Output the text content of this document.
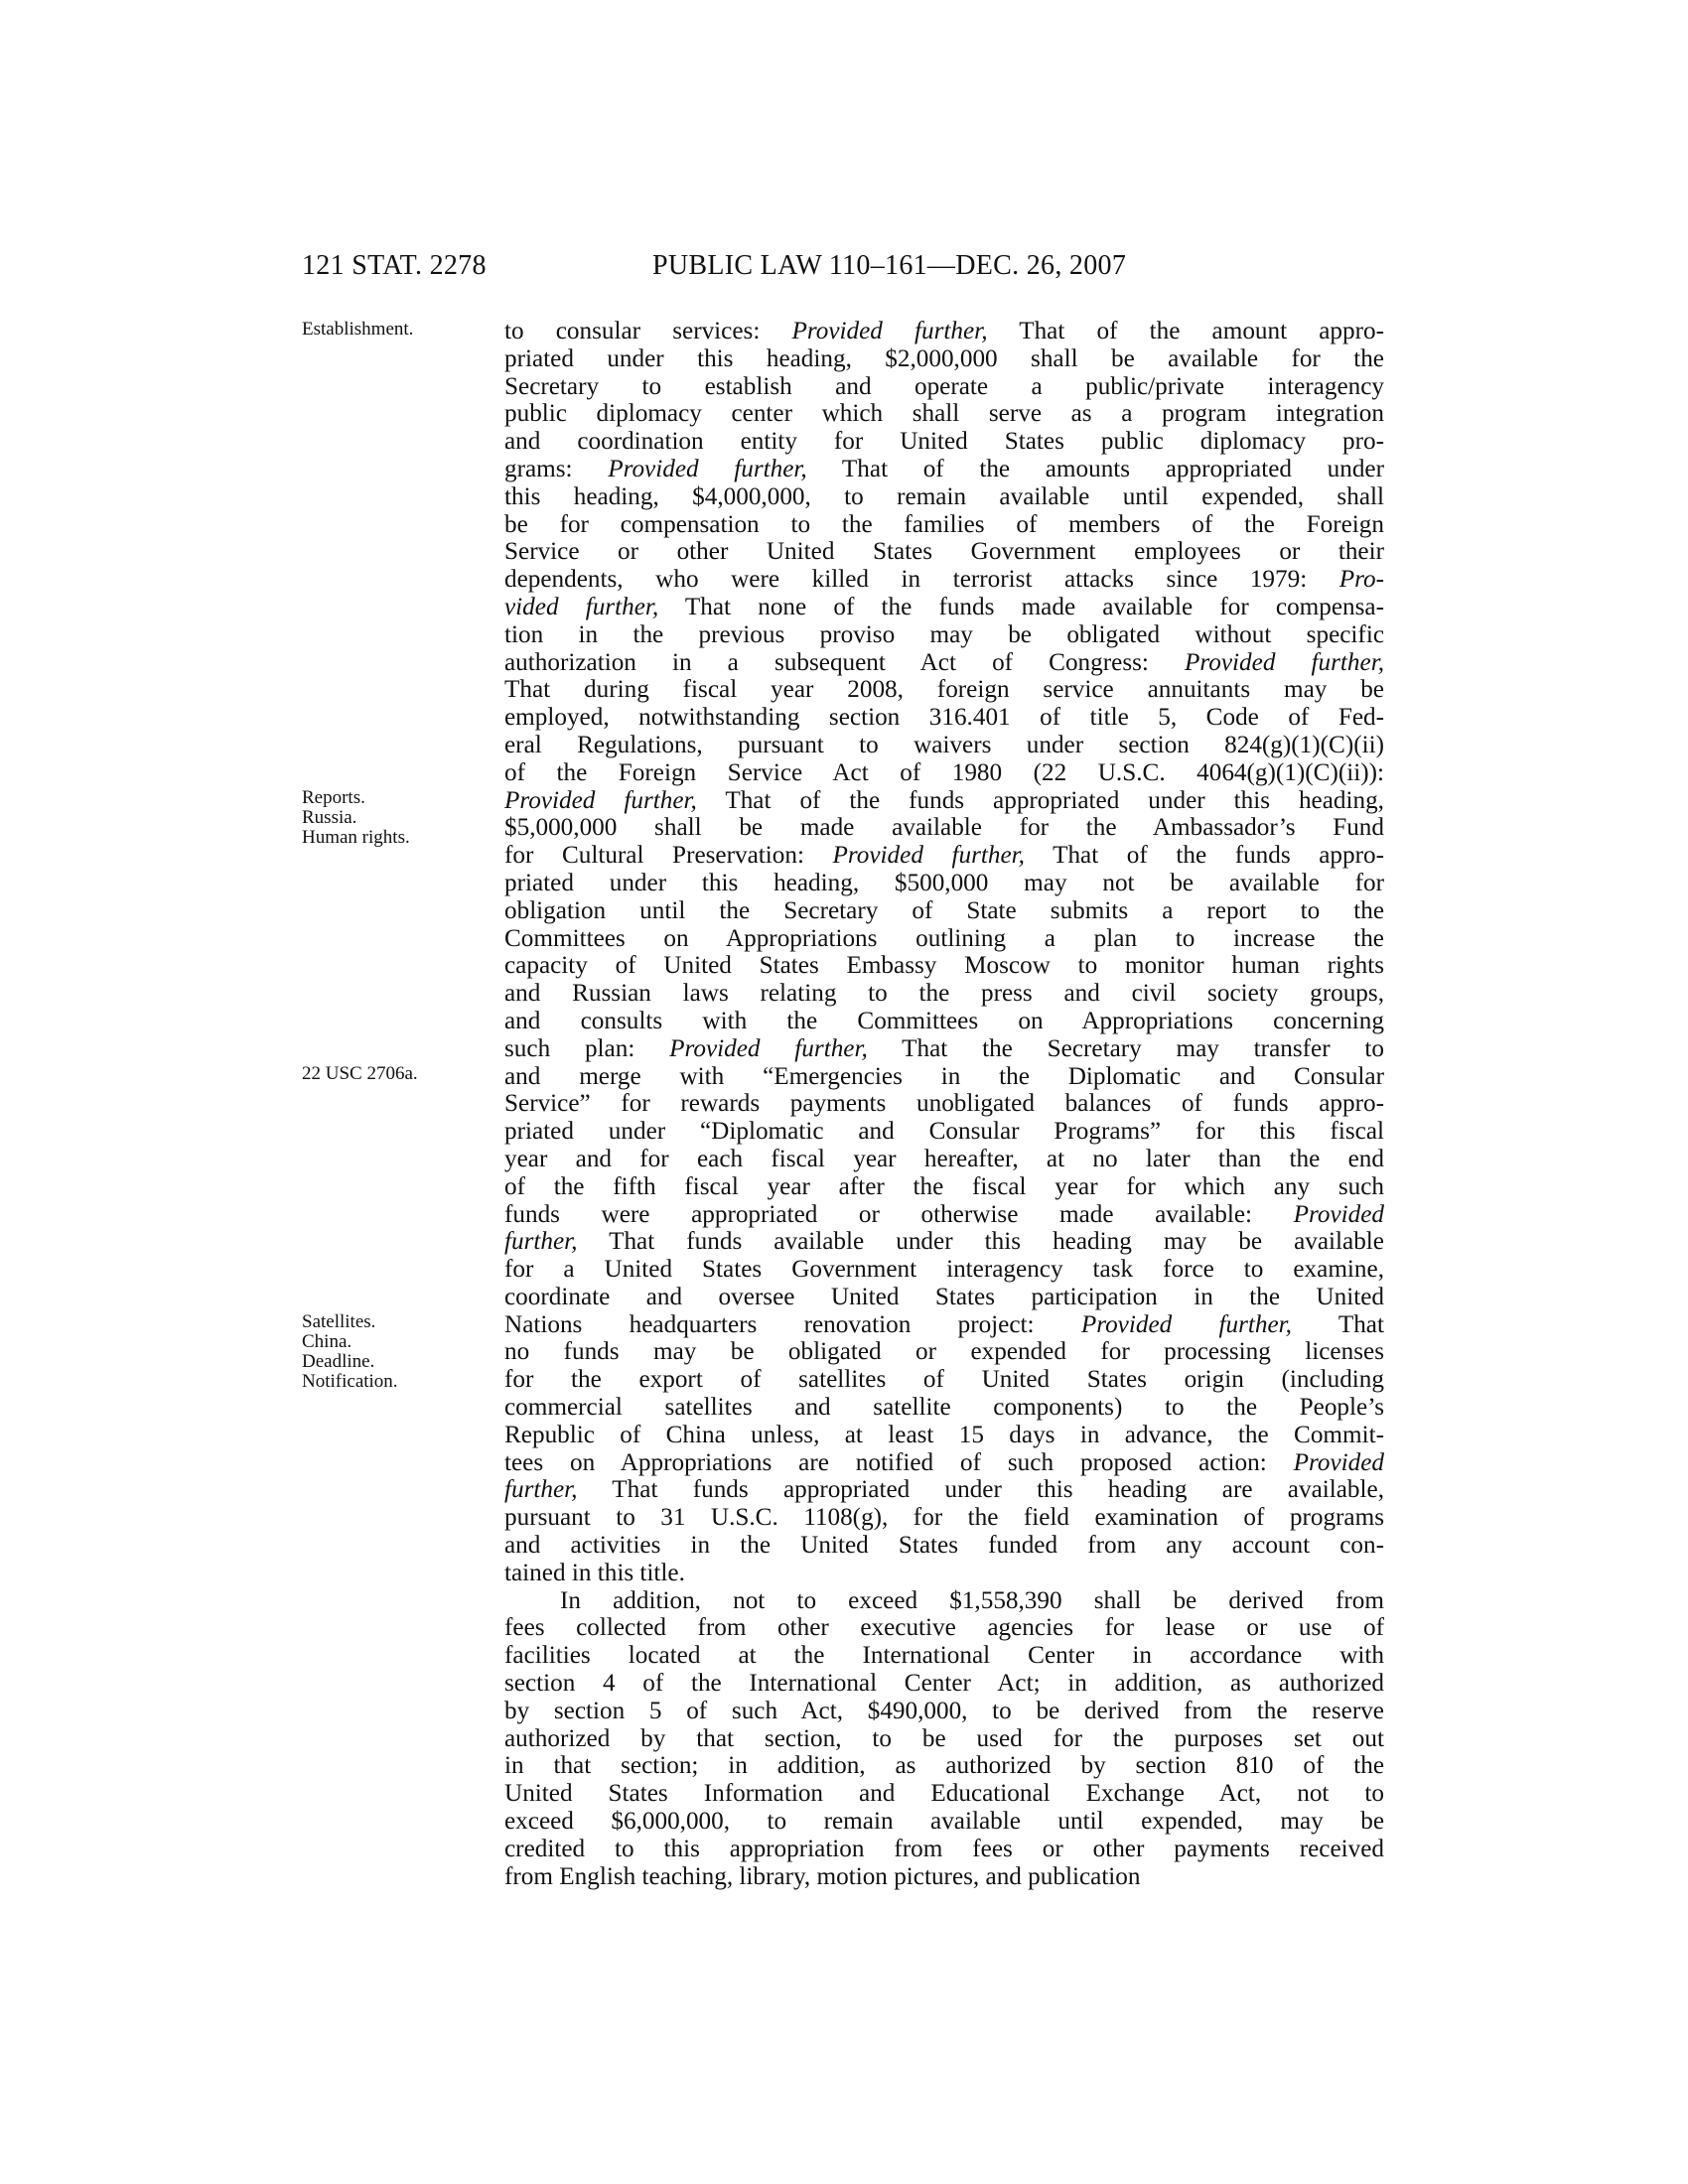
121 STAT. 2278	PUBLIC LAW 110–161—DEC. 26, 2007
Establishment.
Reports.
Russia.
Human rights.
22 USC 2706a.
Satellites.
China.
Deadline.
Notification.
to consular services: Provided further, That of the amount appro-
priated under this heading, $2,000,000 shall be available for the
Secretary to establish and operate a public/private interagency
public diplomacy center which shall serve as a program integration
and coordination entity for United States public diplomacy pro-
grams: Provided further, That of the amounts appropriated under
this heading, $4,000,000, to remain available until expended, shall
be for compensation to the families of members of the Foreign
Service or other United States Government employees or their
dependents, who were killed in terrorist attacks since 1979: Pro-
vided further, That none of the funds made available for compensa-
tion in the previous proviso may be obligated without specific
authorization in a subsequent Act of Congress: Provided further,
That during fiscal year 2008, foreign service annuitants may be
employed, notwithstanding section 316.401 of title 5, Code of Fed-
eral Regulations, pursuant to waivers under section 824(g)(1)(C)(ii)
of the Foreign Service Act of 1980 (22 U.S.C. 4064(g)(1)(C)(ii)):
Provided further, That of the funds appropriated under this heading,
$5,000,000 shall be made available for the Ambassador’s Fund
for Cultural Preservation: Provided further, That of the funds appro-
priated under this heading, $500,000 may not be available for
obligation until the Secretary of State submits a report to the
Committees on Appropriations outlining a plan to increase the
capacity of United States Embassy Moscow to monitor human rights
and Russian laws relating to the press and civil society groups,
and consults with the Committees on Appropriations concerning
such plan: Provided further, That the Secretary may transfer to
and merge with “Emergencies in the Diplomatic and Consular
Service” for rewards payments unobligated balances of funds appro-
priated under “Diplomatic and Consular Programs” for this fiscal
year and for each fiscal year hereafter, at no later than the end
of the fifth fiscal year after the fiscal year for which any such
funds were appropriated or otherwise made available: Provided
further, That funds available under this heading may be available
for a United States Government interagency task force to examine,
coordinate and oversee United States participation in the United
Nations headquarters renovation project: Provided further, That
no funds may be obligated or expended for processing licenses
for the export of satellites of United States origin (including
commercial satellites and satellite components) to the People’s
Republic of China unless, at least 15 days in advance, the Commit-
tees on Appropriations are notified of such proposed action: Provided
further, That funds appropriated under this heading are available,
pursuant to 31 U.S.C. 1108(g), for the field examination of programs
and activities in the United States funded from any account con-
tained in this title.
In addition, not to exceed $1,558,390 shall be derived from
fees collected from other executive agencies for lease or use of
facilities located at the International Center in accordance with
section 4 of the International Center Act; in addition, as authorized
by section 5 of such Act, $490,000, to be derived from the reserve
authorized by that section, to be used for the purposes set out
in that section; in addition, as authorized by section 810 of the
United States Information and Educational Exchange Act, not to
exceed $6,000,000, to remain available until expended, may be
credited to this appropriation from fees or other payments received
from English teaching, library, motion pictures, and publication
